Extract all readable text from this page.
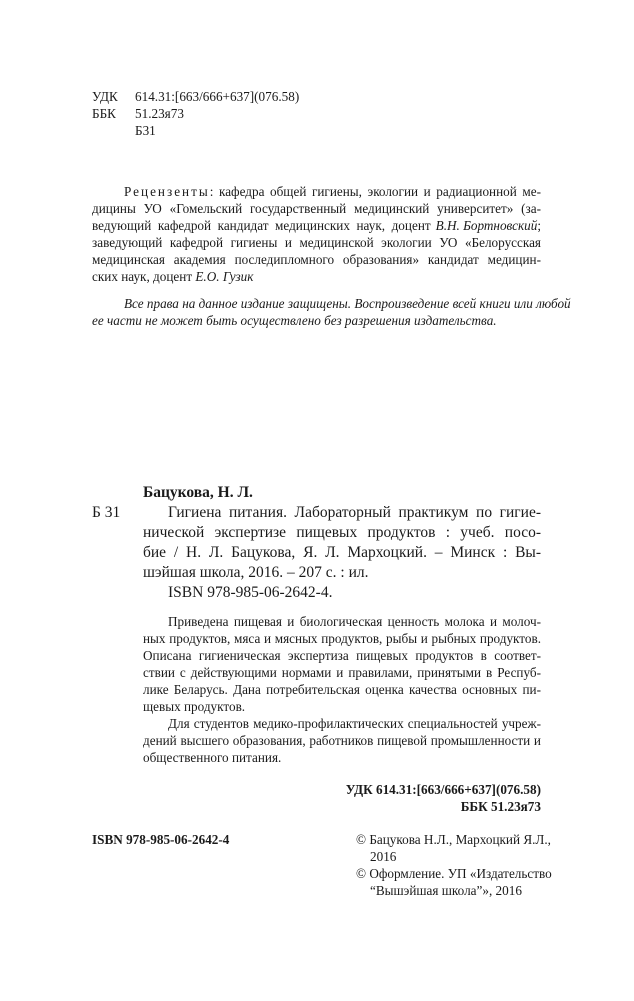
УДК 614.31:[663/666+637](076.58)
ББК 51.23я73
Б31
Рецензенты : кафедра общей гигиены, экологии и радиационной ме-
дицины УО «Гомельский государственный медицинский университет» (за-
ведующий кафедрой кандидат медицинских наук, доцент В.Н. Бортновский ;
заведующий кафедрой гигиены и медицинской экологии УО «Белорусская
медицинская академия последипломного образования» кандидат медицин-
ских наук, доцент Е.О. Гузик
Все права на данное издание защищены. Воспроизведение всей книги или любой
ее части не может быть осуществлено без разрешения издательства.
Бацукова, Н. Л.
Б 31	Гигиена питания. Лабораторный практикум по гигие-
нической экспертизе пищевых продуктов : учеб. посо-
бие / Н. Л. Бацукова, Я. Л. Мархоцкий. – Минск : Вы-
шэйшая школа, 2016. – 207 с. : ил.
ISBN 978-985-06-2642-4.
Приведена пищевая и биологическая ценность молока и молоч-
ных продуктов, мяса и мясных продуктов, рыбы и рыбных продуктов.
Описана гигиеническая экспертиза пищевых продуктов в соответ-
ствии с действующими нормами и правилами, принятыми в Респуб-
лике Беларусь. Дана потребительская оценка качества основных пи-
щевых продуктов.
Для студентов медико-профилактических специальностей учреж-
дений высшего образования, работников пищевой промышленности и
общественного питания.
УДК 614.31:[663/666+637](076.58)
ББК 51.23я73
ISBN 978-985-06-2642-4	© Бацукова Н.Л., Мархоцкий Я.Л.,
2016
© Оформление. УП «Издательство
“Вышэйшая школа”», 2016
